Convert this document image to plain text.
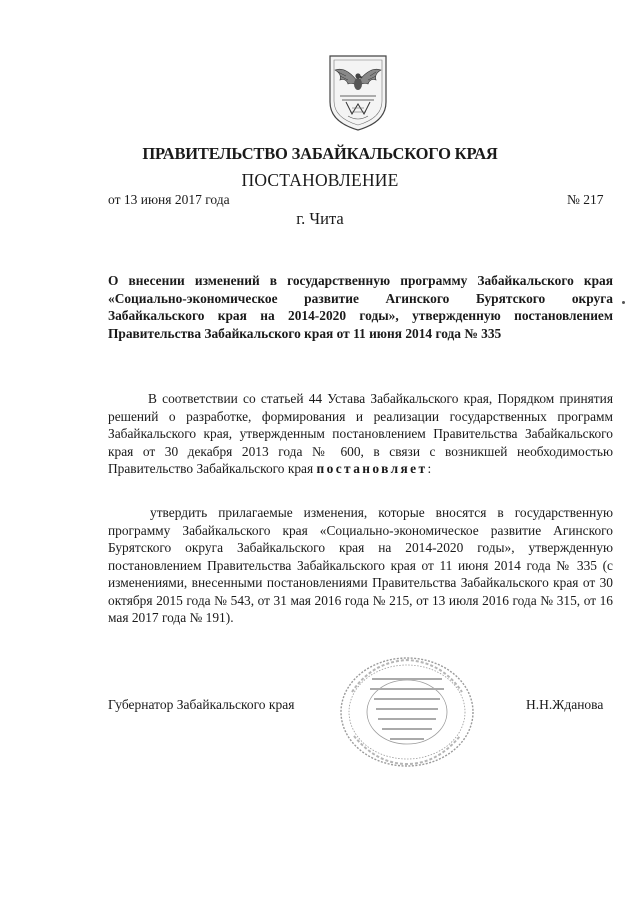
ПРАВИТЕЛЬСТВО ЗАБАЙКАЛЬСКОГО КРАЯ
ПОСТАНОВЛЕНИЕ
от 13 июня 2017 года	№ 217
г. Чита
О внесении изменений в государственную программу Забайкальского края «Социально-экономическое развитие Агинского Бурятского округа Забайкальского края на 2014-2020 годы», утвержденную постановлением Правительства Забайкальского края от 11 июня 2014 года № 335
В соответствии со статьей 44 Устава Забайкальского края, Порядком принятия решений о разработке, формирования и реализации государственных программ Забайкальского края, утвержденным постановлением Правительства Забайкальского края от 30 декабря 2013 года № 600, в связи с возникшей необходимостью Правительство Забайкальского края постановляет:
утвердить прилагаемые изменения, которые вносятся в государственную программу Забайкальского края «Социально-экономическое развитие Агинского Бурятского округа Забайкальского края на 2014-2020 годы», утвержденную постановлением Правительства Забайкальского края от 11 июня 2014 года № 335 (с изменениями, внесенными постановлениями Правительства Забайкальского края от 30 октября 2015 года № 543, от 31 мая 2016 года № 215, от 13 июля 2016 года № 315, от 16 мая 2017 года № 191).
Губернатор Забайкальского края	Н.Н.Жданова
